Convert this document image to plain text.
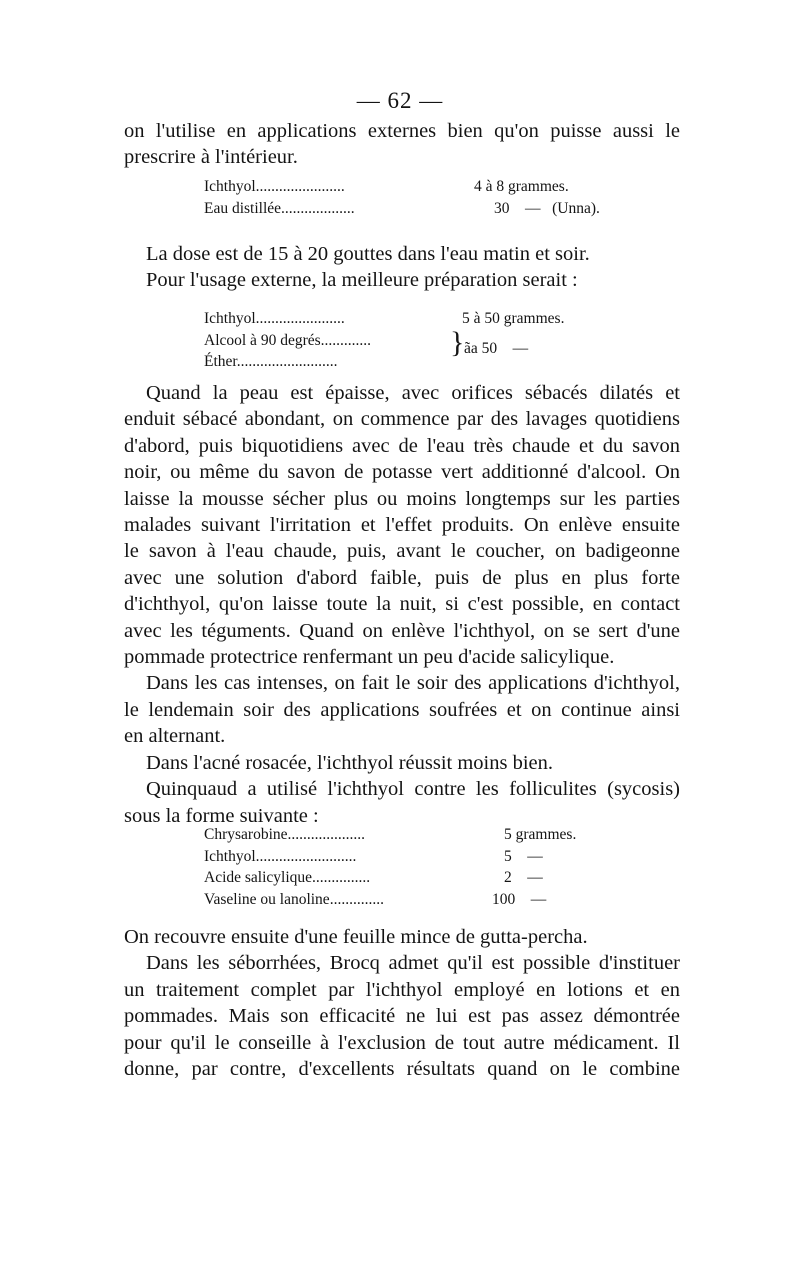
— 62 —
on l'utilise en applications externes bien qu'on puisse aussi le
prescrire à l'intérieur.
Ichthyol.......................	4 à 8 grammes.
Eau distillée...................	30    —   (Unna).
La dose est de 15 à 20 gouttes dans l'eau matin et soir.
Pour l'usage externe, la meilleure préparation serait :
Ichthyol.......................	5 à 50 grammes.
Alcool à 90 degrés.............
Éther..........................
} ãa 50    —
Quand la peau est épaisse, avec orifices sébacés dilatés et
enduit sébacé abondant, on commence par des lavages quotidiens
d'abord, puis biquotidiens avec de l'eau très chaude et du savon
noir, ou même du savon de potasse vert additionné d'alcool. On
laisse la mousse sécher plus ou moins longtemps sur les parties
malades suivant l'irritation et l'effet produits. On enlève ensuite
le savon à l'eau chaude, puis, avant le coucher, on badigeonne
avec une solution d'abord faible, puis de plus en plus forte
d'ichthyol, qu'on laisse toute la nuit, si c'est possible, en contact
avec les téguments. Quand on enlève l'ichthyol, on se sert d'une
pommade protectrice renfermant un peu d'acide salicylique.
Dans les cas intenses, on fait le soir des applications d'ichthyol,
le lendemain soir des applications soufrées et on continue ainsi
en alternant.
Dans l'acné rosacée, l'ichthyol réussit moins bien.
Quinquaud a utilisé l'ichthyol contre les folliculites (sycosis)
sous la forme suivante :
Chrysarobine....................	5 grammes.
Ichthyol..........................	5    —
Acide salicylique...............	2    —
Vaseline ou lanoline..............	100    —
On recouvre ensuite d'une feuille mince de gutta-percha.
Dans les séborrhées, Brocq admet qu'il est possible d'instituer
un traitement complet par l'ichthyol employé en lotions et en
pommades. Mais son efficacité ne lui est pas assez démontrée
pour qu'il le conseille à l'exclusion de tout autre médicament. Il
donne, par contre, d'excellents résultats quand on le combine
